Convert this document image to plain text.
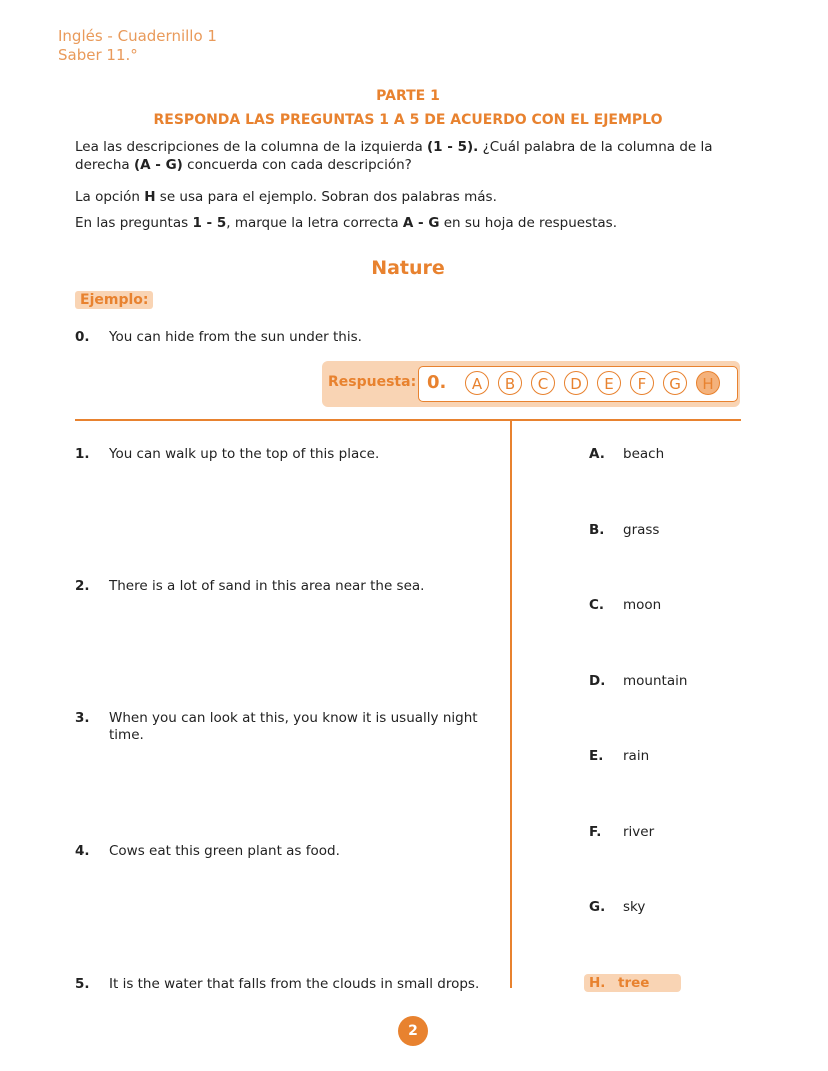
Inglés - Cuadernillo 1
Saber 11.°
PARTE 1
RESPONDA LAS PREGUNTAS 1 A 5 DE ACUERDO CON EL EJEMPLO
Lea las descripciones de la columna de la izquierda (1 - 5). ¿Cuál palabra de la columna de la derecha (A - G) concuerda con cada descripción?
La opción H se usa para el ejemplo. Sobran dos palabras más.
En las preguntas 1 - 5, marque la letra correcta A - G en su hoja de respuestas.
Nature
Ejemplo:
0. You can hide from the sun under this.
Respuesta: 0.	A	B	C	D	E	F	G	H
1. You can walk up to the top of this place.
2. There is a lot of sand in this area near the sea.
3. When you can look at this, you know it is usually night time.
4. Cows eat this green plant as food.
5. It is the water that falls from the clouds in small drops.
A. beach
B. grass
C. moon
D. mountain
E. rain
F. river
G. sky
H. tree
2
